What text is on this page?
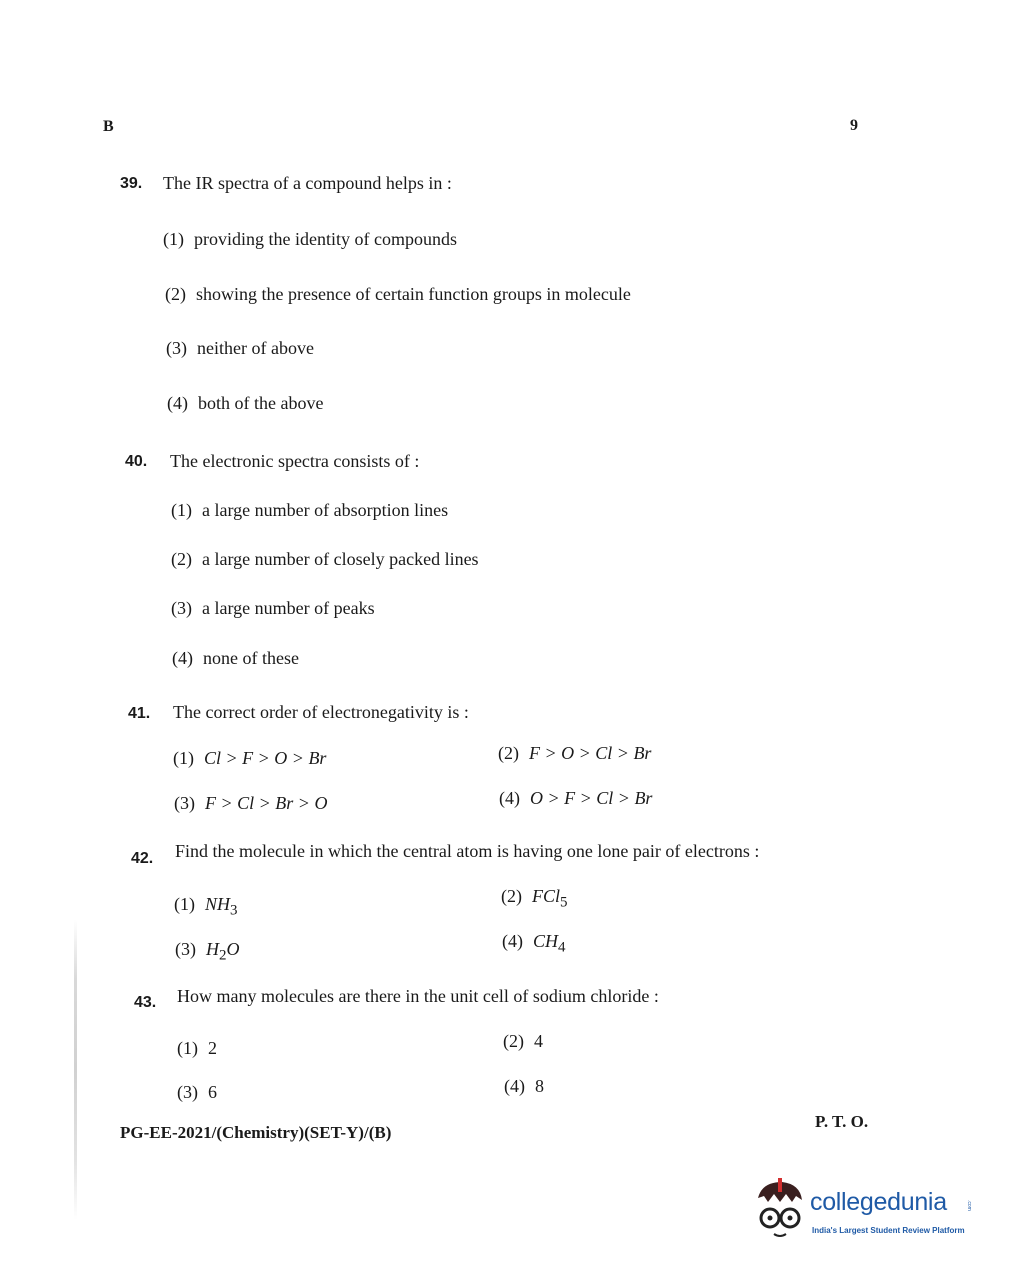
B	9
39. The IR spectra of a compound helps in :
(1) providing the identity of compounds
(2) showing the presence of certain function groups in molecule
(3) neither of above
(4) both of the above
40. The electronic spectra consists of :
(1) a large number of absorption lines
(2) a large number of closely packed lines
(3) a large number of peaks
(4) none of these
41. The correct order of electronegativity is :
(1) Cl > F > O > Br	(2) F > O > Cl > Br
(3) F > Cl > Br > O	(4) O > F > Cl > Br
42. Find the molecule in which the central atom is having one lone pair of electrons :
(1) $NH_3$
(2) FCl$_5$
(3) $H_2O$	(4) $CH_4$
43. How many molecules are there in the unit cell of sodium chloride :
(1) 2	(2) 4
(3) 6	(4) 8
PG-EE-2021/(Chemistry)(SET-Y)/(B)
P. T. O.
collegedunia	.com
India's Largest Student Review Platform
